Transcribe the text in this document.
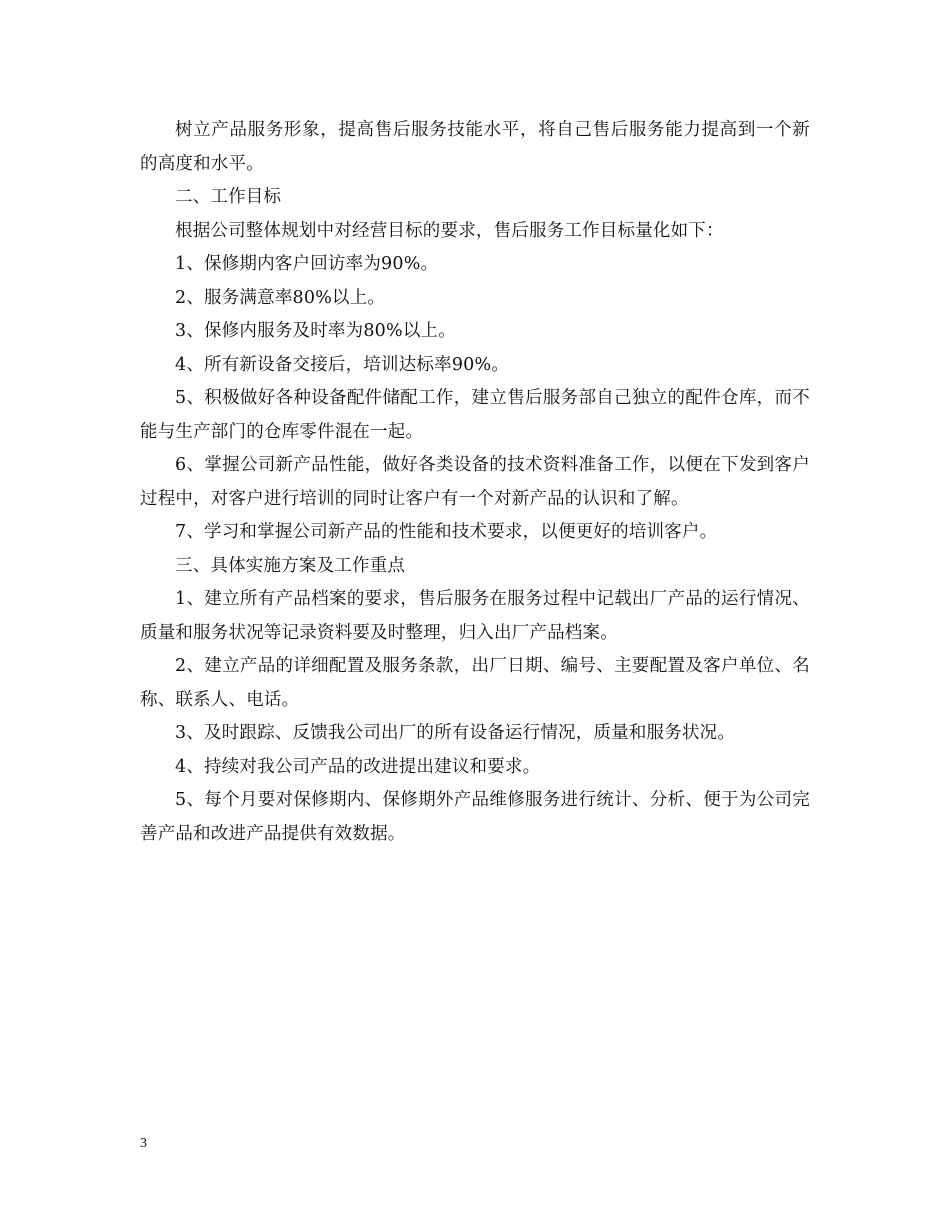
树立产品服务形象，提高售后服务技能水平，将自己售后服务能力提高到一个新的高度和水平。

二、工作目标

根据公司整体规划中对经营目标的要求，售后服务工作目标量化如下：

1、保修期内客户回访率为90%。

2、服务满意率80%以上。

3、保修内服务及时率为80%以上。

4、所有新设备交接后，培训达标率90%。

5、积极做好各种设备配件储配工作，建立售后服务部自己独立的配件仓库，而不能与生产部门的仓库零件混在一起。

6、掌握公司新产品性能，做好各类设备的技术资料准备工作，以便在下发到客户过程中，对客户进行培训的同时让客户有一个对新产品的认识和了解。

7、学习和掌握公司新产品的性能和技术要求，以便更好的培训客户。

三、具体实施方案及工作重点

1、建立所有产品档案的要求，售后服务在服务过程中记载出厂产品的运行情况、质量和服务状况等记录资料要及时整理，归入出厂产品档案。

2、建立产品的详细配置及服务条款，出厂日期、编号、主要配置及客户单位、名称、联系人、电话。

3、及时跟踪、反馈我公司出厂的所有设备运行情况，质量和服务状况。

4、持续对我公司产品的改进提出建议和要求。

5、每个月要对保修期内、保修期外产品维修服务进行统计、分析、便于为公司完善产品和改进产品提供有效数据。

3
